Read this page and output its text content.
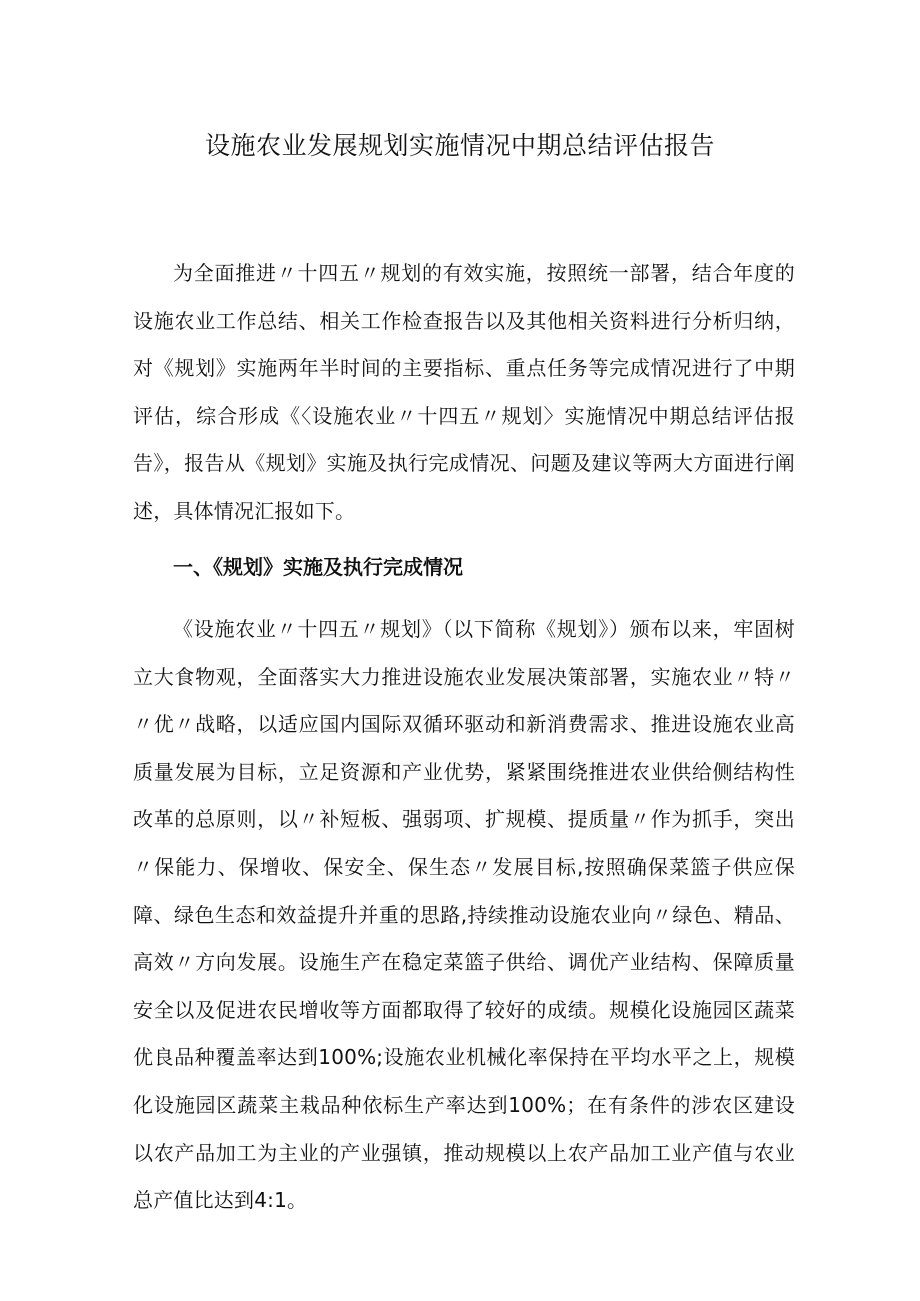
设施农业发展规划实施情况中期总结评估报告

为全面推进〃十四五〃规划的有效实施，按照统一部署，结合年度的设施农业工作总结、相关工作检查报告以及其他相关资料进行分析归纳，对《规划》实施两年半时间的主要指标、重点任务等完成情况进行了中期评估，综合形成《〈设施农业〃十四五〃规划〉实施情况中期总结评估报告》，报告从《规划》实施及执行完成情况、问题及建议等两大方面进行阐述，具体情况汇报如下。

一、《规划》实施及执行完成情况

《设施农业〃十四五〃规划》（以下简称《规划》）颁布以来，牢固树立大食物观，全面落实大力推进设施农业发展决策部署，实施农业〃特〃〃优〃战略，以适应国内国际双循环驱动和新消费需求、推进设施农业高质量发展为目标，立足资源和产业优势，紧紧围绕推进农业供给侧结构性改革的总原则，以〃补短板、强弱项、扩规模、提质量〃作为抓手，突出〃保能力、保增收、保安全、保生态〃发展目标,按照确保菜篮子供应保障、绿色生态和效益提升并重的思路,持续推动设施农业向〃绿色、精品、高效〃方向发展。设施生产在稳定菜篮子供给、调优产业结构、保障质量安全以及促进农民增收等方面都取得了较好的成绩。规模化设施园区蔬菜优良品种覆盖率达到100%;设施农业机械化率保持在平均水平之上，规模化设施园区蔬菜主栽品种依标生产率达到100%；在有条件的涉农区建设以农产品加工为主业的产业强镇，推动规模以上农产品加工业产值与农业总产值比达到4:1。
